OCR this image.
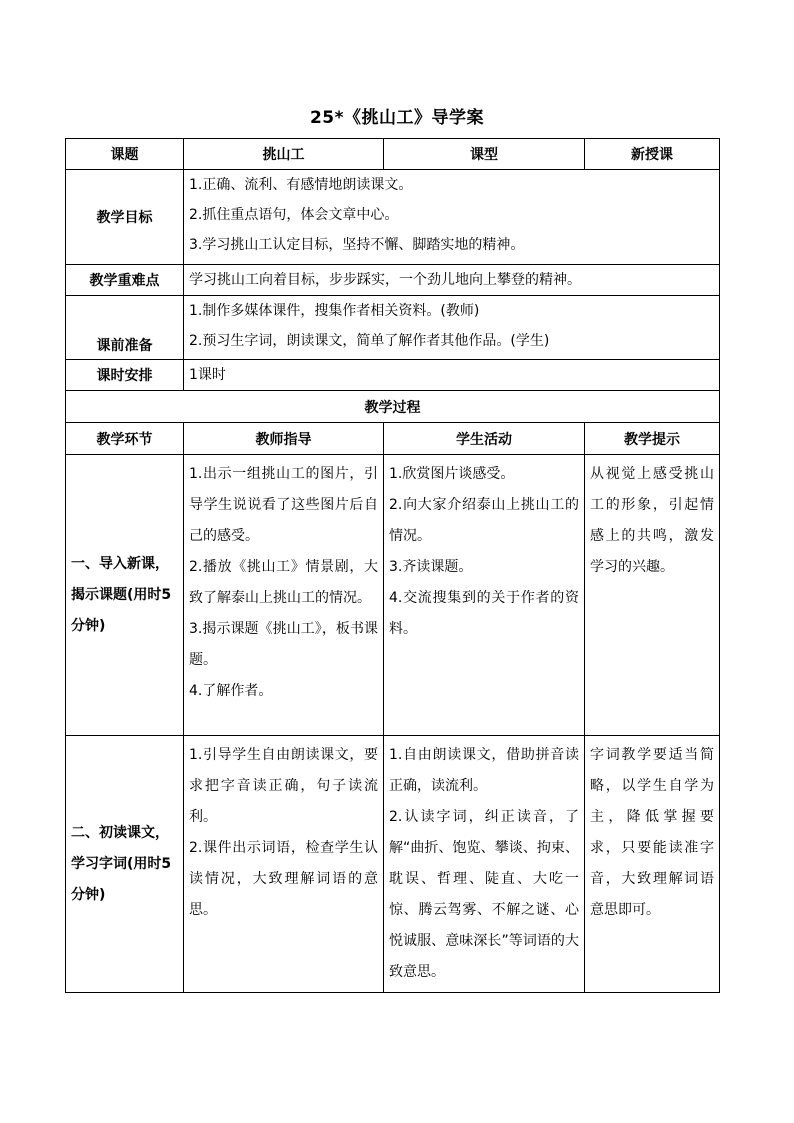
25*《挑山工》导学案
课题	挑山工	课型	新授课
教学目标	1.正确、流利、有感情地朗读课文。
2.抓住重点语句，体会文章中心。
3.学习挑山工认定目标，坚持不懈、脚踏实地的精神。		

教学重难点	学习挑山工向着目标，步步踩实，一个劲儿地向上攀登的精神。		
课前准备	1.制作多媒体课件，搜集作者相关资料。(教师)
2.预习生字词，朗读课文，简单了解作者其他作品。(学生)		

课时安排	1课时		
教学过程			
教学环节	教师指导	学生活动	教学提示
一、导入新课，揭示课题(用时5分钟)	1.出示一组挑山工的图片，引导学生说说看了这些图片后自己的感受。
2.播放《挑山工》情景剧，大致了解泰山上挑山工的情况。
3.揭示课题《挑山工》，板书课题。
4.了解作者。	1.欣赏图片谈感受。
2.向大家介绍泰山上挑山工的情况。
3.齐读课题。
4.交流搜集到的关于作者的资料。	从视觉上感受挑山工的形象，引起情感上的共鸣，激发学习的兴趣。
二、初读课文，学习字词(用时5分钟)	1.引导学生自由朗读课文，要求把字音读正确，句子读流利。
2.课件出示词语，检查学生认读情况，大致理解词语的意思。	1.自由朗读课文，借助拼音读正确，读流利。
2.认读字词，纠正读音，了解“曲折、饱览、攀谈、拘束、耽误、哲理、陡直、大吃一惊、腾云驾雾、不解之谜、心悦诚服、意味深长”等词语的大致意思。	字词教学要适当简略，以学生自学为主，降低掌握要求，只要能读准字音，大致理解词语意思即可。
